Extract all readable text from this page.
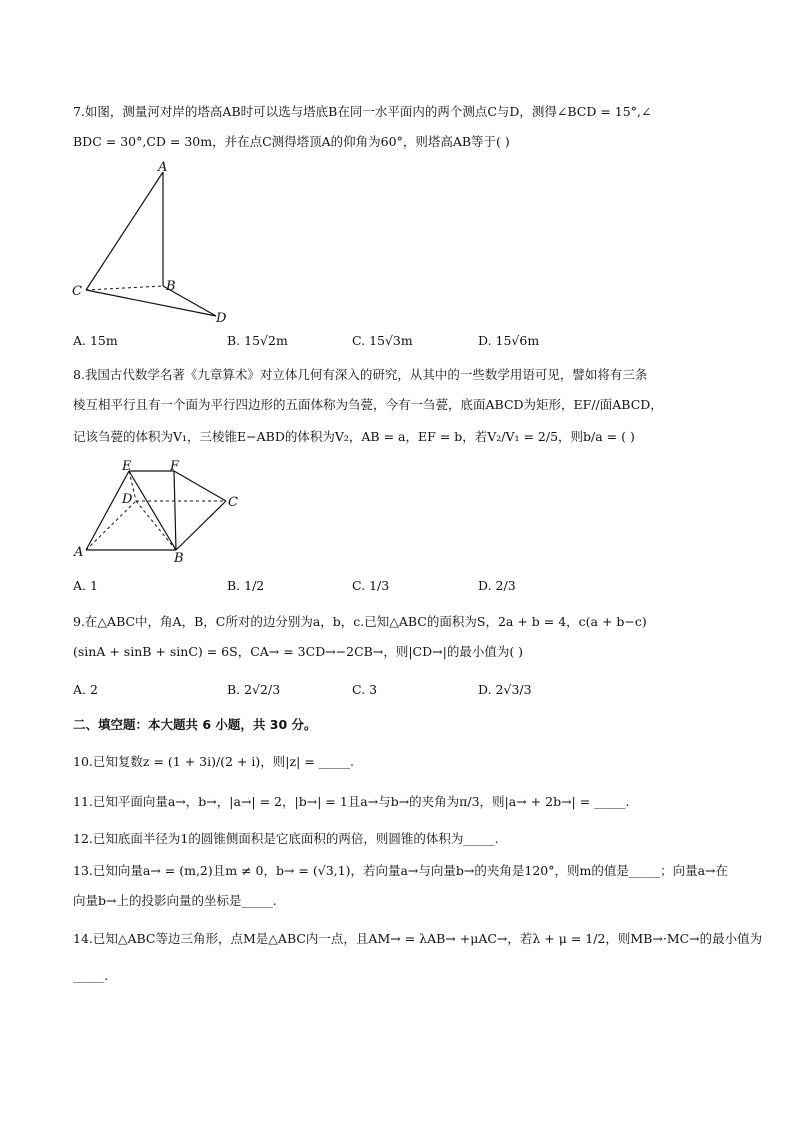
7.如图，测量河对岸的塔高AB时可以选与塔底B在同一水平面内的两个测点C与D，测得∠BCD = 15°,∠
BDC = 30°,CD = 30m，并在点C测得塔顶A的仰角为60°，则塔高AB等于( )
A
B
C
D
A. 15m	B. 15√2m	C. 15√3m	D. 15√6m
8.我国古代数学名著《九章算术》对立体几何有深入的研究，从其中的一些数学用语可见，譬如将有三条
棱互相平行且有一个面为平行四边形的五面体称为刍甍，今有一刍甍，底面ABCD为矩形，EF//面ABCD，
记该刍甍的体积为V₁，三棱锥E−ABD的体积为V₂，AB = a，EF = b，若V₂/V₁ = 2/5，则b/a = ( )
E	F
D	C
A	B
A. 1	B. 1/2	C. 1/3	D. 2/3
9.在△ABC中，角A，B，C所对的边分别为a，b，c.已知△ABC的面积为S，2a + b = 4，c(a + b−c)
(sinA + sinB + sinC) = 6S，CA→ = 3CD→−2CB→，则|CD→|的最小值为( )
A. 2	B. 2√2/3	C. 3	D. 2√3/3
二、填空题：本大题共 6 小题，共 30 分。
10.已知复数z = (1 + 3i)/(2 + i)，则|z| = _____.
11.已知平面向量a→，b→，|a→| = 2，|b→| = 1且a→与b→的夹角为π/3，则|a→ + 2b→| = _____.
12.已知底面半径为1的圆锥侧面积是它底面积的两倍，则圆锥的体积为_____.
13.已知向量a→ = (m,2)且m ≠ 0，b→ = (√3,1)，若向量a→与向量b→的夹角是120°，则m的值是_____；向量a→在
向量b→上的投影向量的坐标是_____.
14.已知△ABC等边三角形，点M是△ABC内一点，且AM→ = λAB→ +μAC→，若λ + μ = 1/2，则MB→·MC→的最小值为
_____.
